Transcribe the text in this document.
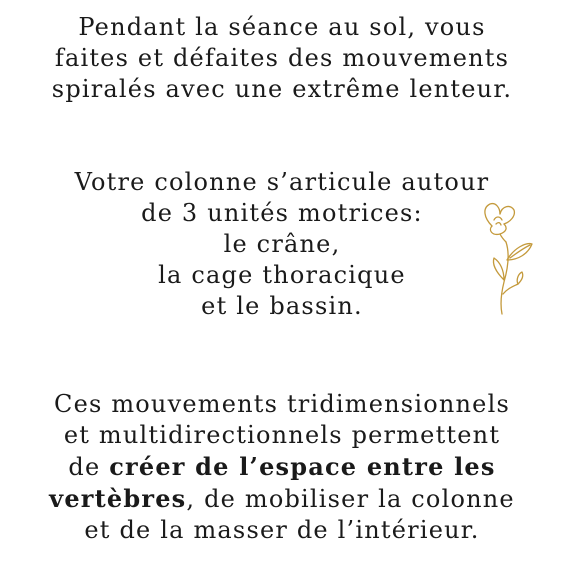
Pendant la séance au sol, vous
faites et défaites des mouvements
spiralés avec une extrême lenteur.

Votre colonne s’articule autour
de 3 unités motrices:
le crâne,
la cage thoracique
et le bassin.

Ces mouvements tridimensionnels
et multidirectionnels permettent
de créer de l’espace entre les
vertèbres, de mobiliser la colonne
et de la masser de l’intérieur.
